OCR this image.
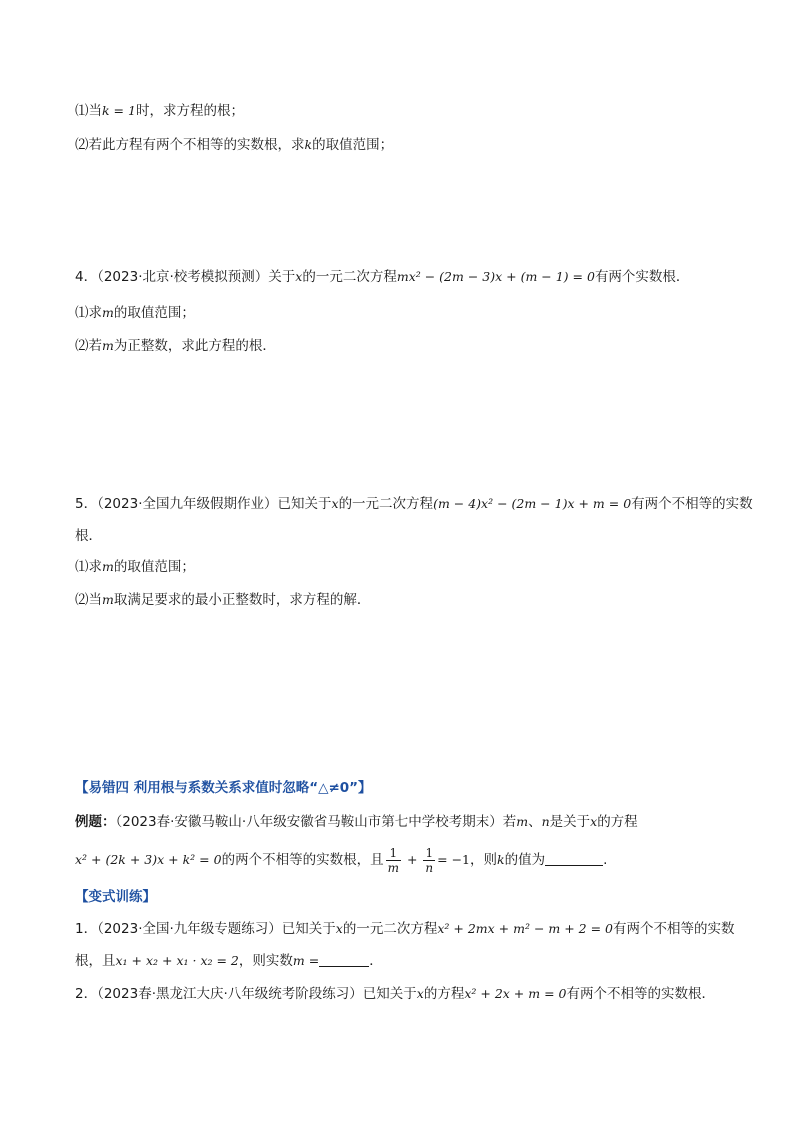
⑴当k = 1时，求方程的根；
⑵若此方程有两个不相等的实数根，求k的取值范围；
4．（2023·北京·校考模拟预测）关于x的一元二次方程mx² − (2m − 3)x + (m − 1) = 0有两个实数根．
⑴求m的取值范围；
⑵若m为正整数，求此方程的根．
5．（2023·全国九年级假期作业）已知关于x的一元二次方程(m − 4)x² − (2m − 1)x + m = 0有两个不相等的实数
根．
⑴求m的取值范围；
⑵当m取满足要求的最小正整数时，求方程的解．
【易错四 利用根与系数关系求值时忽略“△≠0”】
例题：（2023春·安徽马鞍山·八年级安徽省马鞍山市第七中学校考期末）若m、n是关于x的方程
x² + (2k + 3)x + k² = 0的两个不相等的实数根，且 $\frac{1}{m} + \frac{1}{n} = -1$，则k的值为	.
【变式训练】
1．（2023·全国·九年级专题练习）已知关于x的一元二次方程x² + 2mx + m² − m + 2 = 0有两个不相等的实数
根，且x₁ + x₂ + x₁ · x₂ = 2，则实数m =	．
2．（2023春·黑龙江大庆·八年级统考阶段练习）已知关于x的方程x² + 2x + m = 0有两个不相等的实数根．
